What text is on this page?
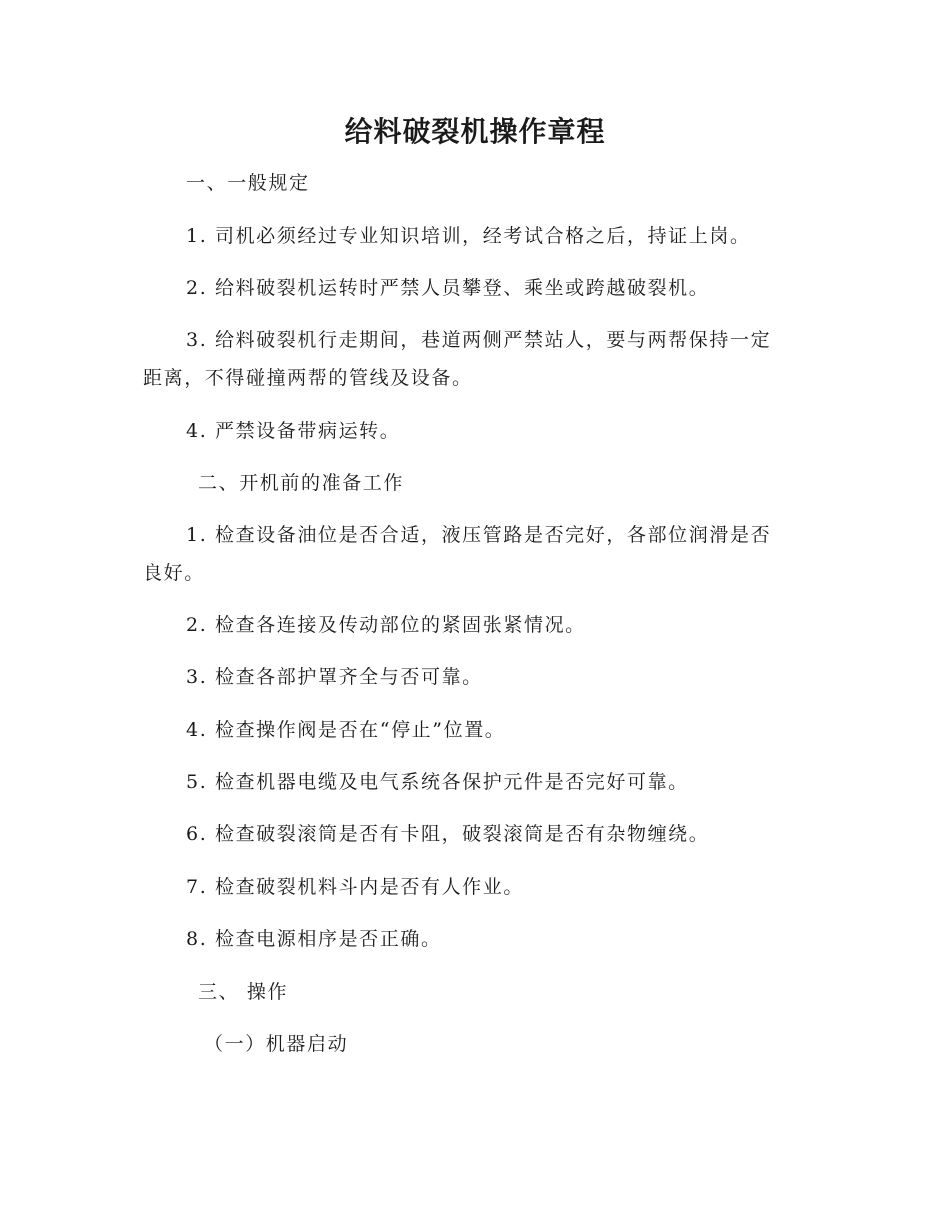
给料破裂机操作章程
一、一般规定
1. 司机必须经过专业知识培训，经考试合格之后，持证上岗。
2. 给料破裂机运转时严禁人员攀登、乘坐或跨越破裂机。
3. 给料破裂机行走期间，巷道两侧严禁站人，要与两帮保持一定
距离，不得碰撞两帮的管线及设备。
4. 严禁设备带病运转。
二、开机前的准备工作
1. 检查设备油位是否合适，液压管路是否完好，各部位润滑是否
良好。
2. 检查各连接及传动部位的紧固张紧情况。
3. 检查各部护罩齐全与否可靠。
4. 检查操作阀是否在“停止”位置。
5. 检查机器电缆及电气系统各保护元件是否完好可靠。
6. 检查破裂滚筒是否有卡阻，破裂滚筒是否有杂物缠绕。
7. 检查破裂机料斗内是否有人作业。
8. 检查电源相序是否正确。
三、 操作
（一）机器启动
